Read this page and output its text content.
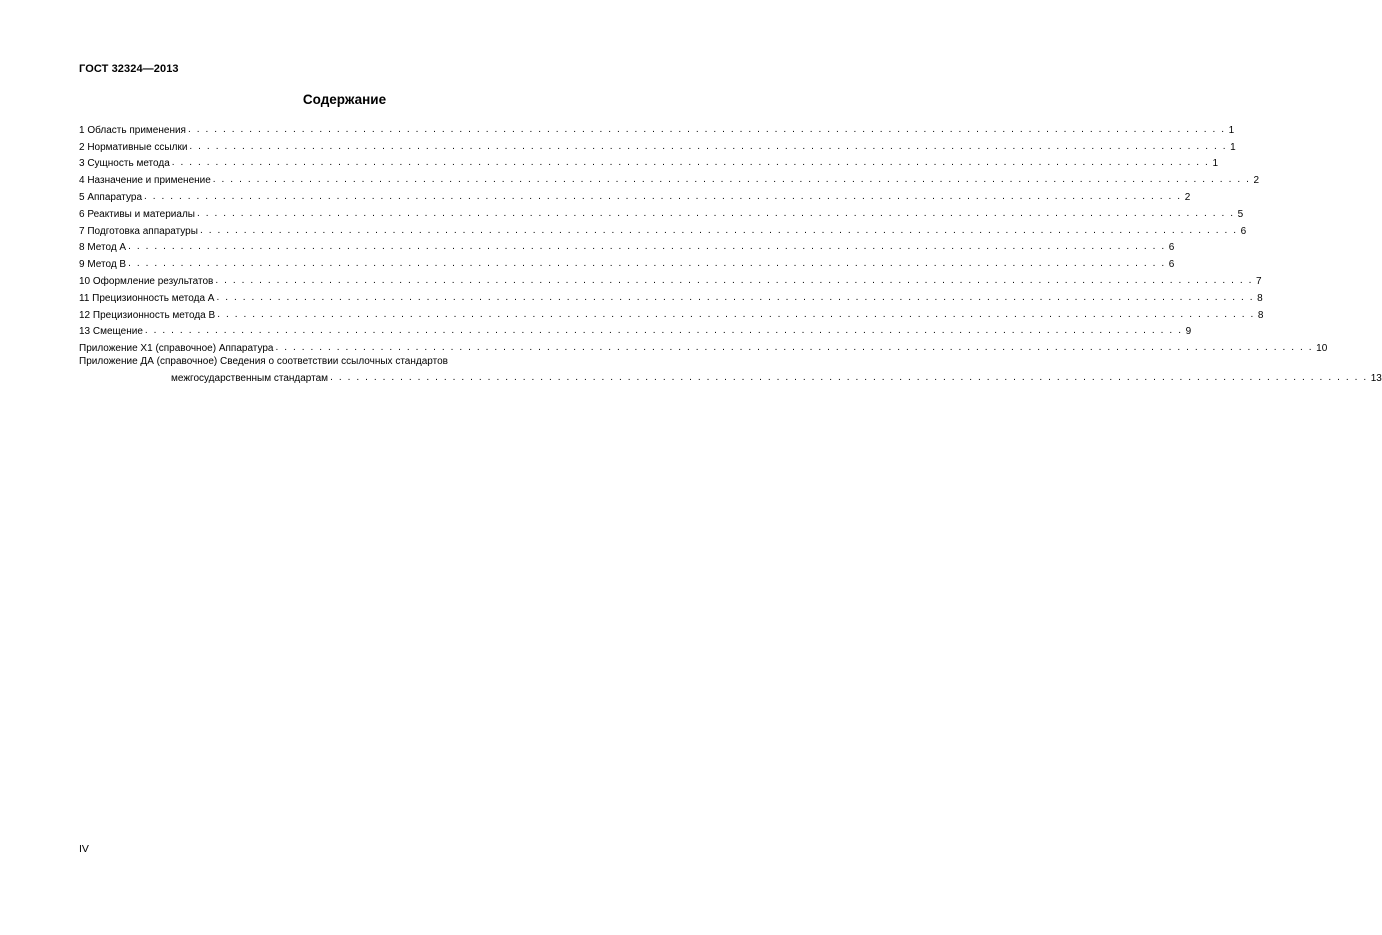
ГОСТ 32324—2013
Содержание
1 Область применения . . . . . . . . . . . . . . . . . . . . . . . . . . . . . . . . . . . . . . . . . . . . . . . . . . . . . . . . . . . . . . . . . . . . . . . . . . . . . . . . . . . . . . . . . . . . . . . . . . . . . . . . . . . . . . . . . . . . . . . 1
2 Нормативные ссылки . . . . . . . . . . . . . . . . . . . . . . . . . . . . . . . . . . . . . . . . . . . . . . . . . . . . . . . . . . . . . . . . . . . . . . . . . . . . . . . . . . . . . . . . . . . . . . . . . . . . . . . . . . . . . . . . . . . . . . . 1
3 Сущность метода . . . . . . . . . . . . . . . . . . . . . . . . . . . . . . . . . . . . . . . . . . . . . . . . . . . . . . . . . . . . . . . . . . . . . . . . . . . . . . . . . . . . . . . . . . . . . . . . . . . . . . . . . . . . . . . . . . . . . . . 1
4 Назначение и применение . . . . . . . . . . . . . . . . . . . . . . . . . . . . . . . . . . . . . . . . . . . . . . . . . . . . . . . . . . . . . . . . . . . . . . . . . . . . . . . . . . . . . . . . . . . . . . . . . . . . . . . . . . . . . . . . . . . . . . . 2
5 Аппаратура . . . . . . . . . . . . . . . . . . . . . . . . . . . . . . . . . . . . . . . . . . . . . . . . . . . . . . . . . . . . . . . . . . . . . . . . . . . . . . . . . . . . . . . . . . . . . . . . . . . . . . . . . . . . . . . . . . . . . . . 2
6 Реактивы и материалы . . . . . . . . . . . . . . . . . . . . . . . . . . . . . . . . . . . . . . . . . . . . . . . . . . . . . . . . . . . . . . . . . . . . . . . . . . . . . . . . . . . . . . . . . . . . . . . . . . . . . . . . . . . . . . . . . . . . . . . 5
7 Подготовка аппаратуры . . . . . . . . . . . . . . . . . . . . . . . . . . . . . . . . . . . . . . . . . . . . . . . . . . . . . . . . . . . . . . . . . . . . . . . . . . . . . . . . . . . . . . . . . . . . . . . . . . . . . . . . . . . . . . . . . . . . . . . 6
8 Метод А . . . . . . . . . . . . . . . . . . . . . . . . . . . . . . . . . . . . . . . . . . . . . . . . . . . . . . . . . . . . . . . . . . . . . . . . . . . . . . . . . . . . . . . . . . . . . . . . . . . . . . . . . . . . . . . . . . . . . . . 6
9 Метод В . . . . . . . . . . . . . . . . . . . . . . . . . . . . . . . . . . . . . . . . . . . . . . . . . . . . . . . . . . . . . . . . . . . . . . . . . . . . . . . . . . . . . . . . . . . . . . . . . . . . . . . . . . . . . . . . . . . . . . . 6
10 Оформление результатов . . . . . . . . . . . . . . . . . . . . . . . . . . . . . . . . . . . . . . . . . . . . . . . . . . . . . . . . . . . . . . . . . . . . . . . . . . . . . . . . . . . . . . . . . . . . . . . . . . . . . . . . . . . . . . . . . . . . . . . 7
11 Прецизионность метода А . . . . . . . . . . . . . . . . . . . . . . . . . . . . . . . . . . . . . . . . . . . . . . . . . . . . . . . . . . . . . . . . . . . . . . . . . . . . . . . . . . . . . . . . . . . . . . . . . . . . . . . . . . . . . . . . . . . . . . . 8
12 Прецизионность метода В . . . . . . . . . . . . . . . . . . . . . . . . . . . . . . . . . . . . . . . . . . . . . . . . . . . . . . . . . . . . . . . . . . . . . . . . . . . . . . . . . . . . . . . . . . . . . . . . . . . . . . . . . . . . . . . . . . . . . . . 8
13 Смещение . . . . . . . . . . . . . . . . . . . . . . . . . . . . . . . . . . . . . . . . . . . . . . . . . . . . . . . . . . . . . . . . . . . . . . . . . . . . . . . . . . . . . . . . . . . . . . . . . . . . . . . . . . . . . . . . . . . . . . . 9
Приложение Х1 (справочное) Аппаратура . . . . . . . . . . . . . . . . . . . . . . . . . . . . . . . . . . . . . . . . . . . . . . . . . . . . . . . . . . . . . . . . . . . . . . . . . . . . . . . . . . . . . . . . . . . . . . . . . . . . . . . . . . . . . . . . . . . . . . . 10
Приложение ДА (справочное) Сведения о соответствии ссылочных стандартов
межгосударственным стандартам . . . . . . . . . . . . . . . . . . . . . . . . . . . . . . . . . . . . . . . . . . . . . . . . . . . . . . . . . . . . . . . . . . . . . . . . . . . . . . . . . . . . . . . . . . . . . . . . . . . . . . . . . . . . . . . . . . . . . . . 13
IV
